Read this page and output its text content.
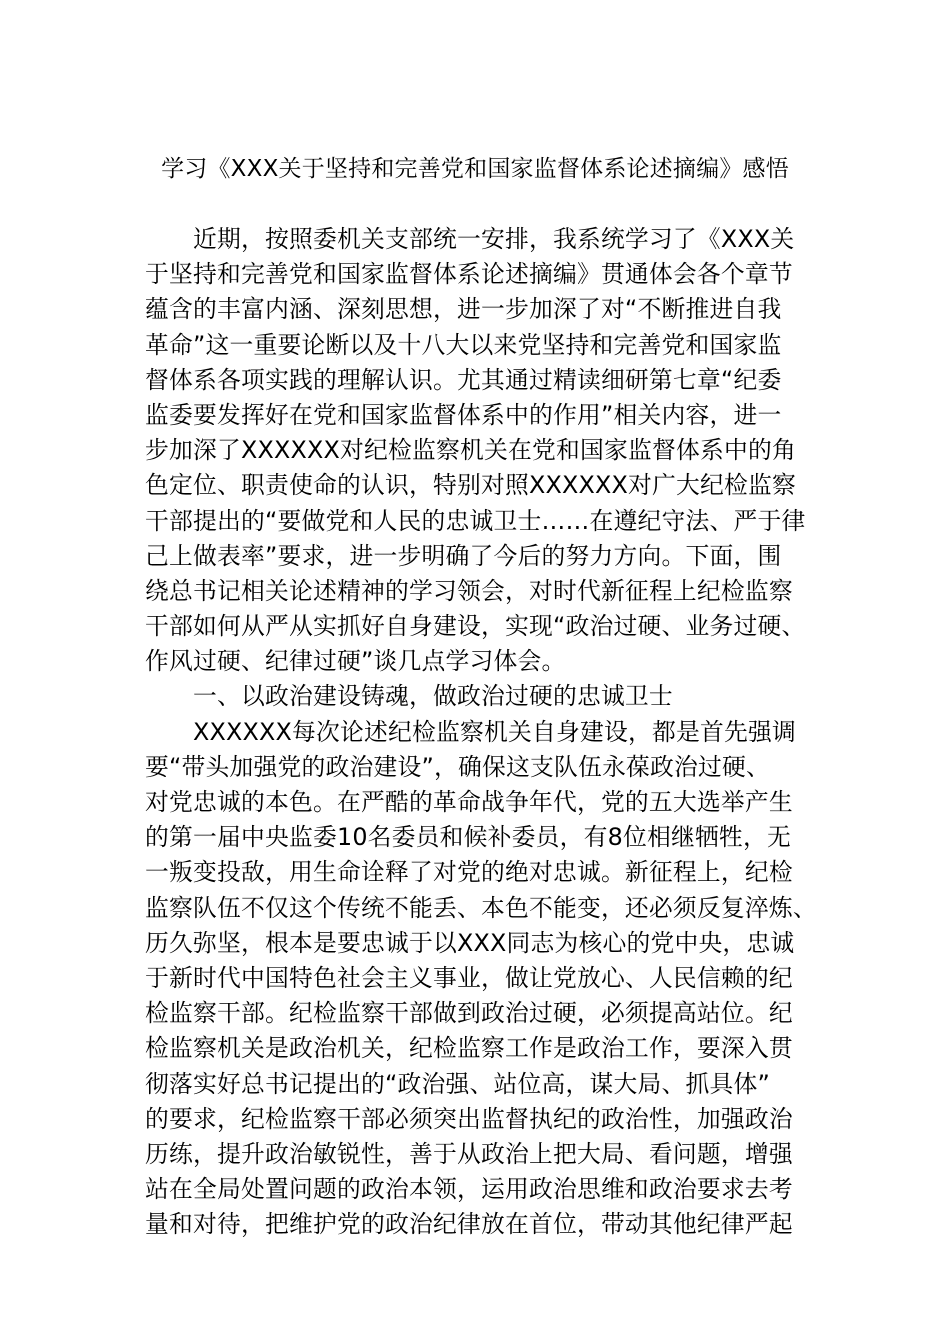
学习《XXX关于坚持和完善党和国家监督体系论述摘编》感悟
　　近期，按照委机关支部统一安排，我系统学习了《XXX关
于坚持和完善党和国家监督体系论述摘编》贯通体会各个章节
蕴含的丰富内涵、深刻思想，进一步加深了对“不断推进自我
革命”这一重要论断以及十八大以来党坚持和完善党和国家监
督体系各项实践的理解认识。尤其通过精读细研第七章“纪委
监委要发挥好在党和国家监督体系中的作用”相关内容，进一
步加深了XXXXXX对纪检监察机关在党和国家监督体系中的角
色定位、职责使命的认识，特别对照XXXXXX对广大纪检监察
干部提出的“要做党和人民的忠诚卫士……在遵纪守法、严于律
己上做表率”要求，进一步明确了今后的努力方向。下面，围
绕总书记相关论述精神的学习领会，对时代新征程上纪检监察
干部如何从严从实抓好自身建设，实现“政治过硬、业务过硬、
作风过硬、纪律过硬”谈几点学习体会。
　　一、以政治建设铸魂，做政治过硬的忠诚卫士
　　XXXXXX每次论述纪检监察机关自身建设，都是首先强调
要“带头加强党的政治建设”，确保这支队伍永葆政治过硬、
对党忠诚的本色。在严酷的革命战争年代，党的五大选举产生
的第一届中央监委10名委员和候补委员，有8位相继牺牲，无
一叛变投敌，用生命诠释了对党的绝对忠诚。新征程上，纪检
监察队伍不仅这个传统不能丢、本色不能变，还必须反复淬炼、
历久弥坚，根本是要忠诚于以XXX同志为核心的党中央，忠诚
于新时代中国特色社会主义事业，做让党放心、人民信赖的纪
检监察干部。纪检监察干部做到政治过硬，必须提高站位。纪
检监察机关是政治机关，纪检监察工作是政治工作，要深入贯
彻落实好总书记提出的“政治强、站位高，谋大局、抓具体”
的要求，纪检监察干部必须突出监督执纪的政治性，加强政治
历练，提升政治敏锐性，善于从政治上把大局、看问题，增强
站在全局处置问题的政治本领，运用政治思维和政治要求去考
量和对待，把维护党的政治纪律放在首位，带动其他纪律严起
